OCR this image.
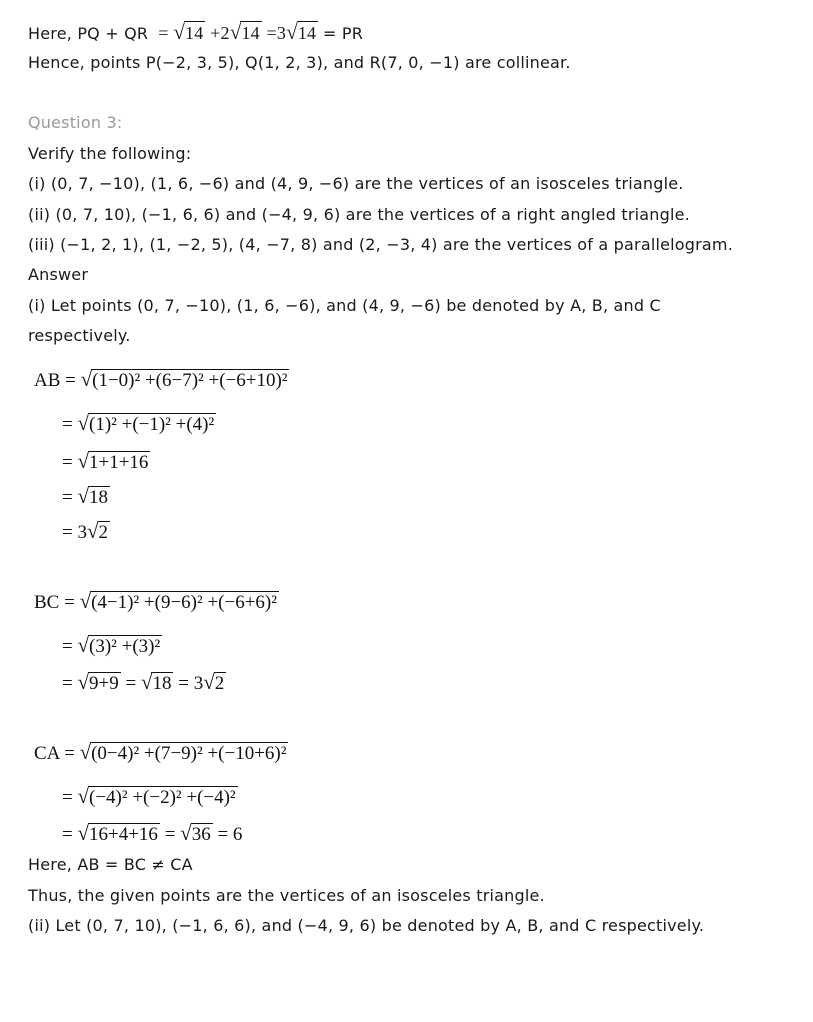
Here, PQ + QR  = √14 +2√14 =3√14 = PR
Hence, points P(−2, 3, 5), Q(1, 2, 3), and R(7, 0, −1) are collinear.
Question 3:
Verify the following:
(i) (0, 7, −10), (1, 6, −6) and (4, 9, −6) are the vertices of an isosceles triangle.
(ii) (0, 7, 10), (−1, 6, 6) and (−4, 9, 6) are the vertices of a right angled triangle.
(iii) (−1, 2, 1), (1, −2, 5), (4, −7, 8) and (2, −3, 4) are the vertices of a parallelogram.
Answer
(i) Let points (0, 7, −10), (1, 6, −6), and (4, 9, −6) be denoted by A, B, and C
respectively.
AB = √(1−0)² +(6−7)² +(−6+10)²
= √(1)² +(−1)² +(4)²
= √1+1+16
= √18
= 3√2
BC = √(4−1)² +(9−6)² +(−6+6)²
= √(3)² +(3)²
= √9+9 = √18 = 3√2
CA = √(0−4)² +(7−9)² +(−10+6)²
= √(−4)² +(−2)² +(−4)²
= √16+4+16 = √36 = 6
Here, AB = BC ≠ CA
Thus, the given points are the vertices of an isosceles triangle.
(ii) Let (0, 7, 10), (−1, 6, 6), and (−4, 9, 6) be denoted by A, B, and C respectively.
